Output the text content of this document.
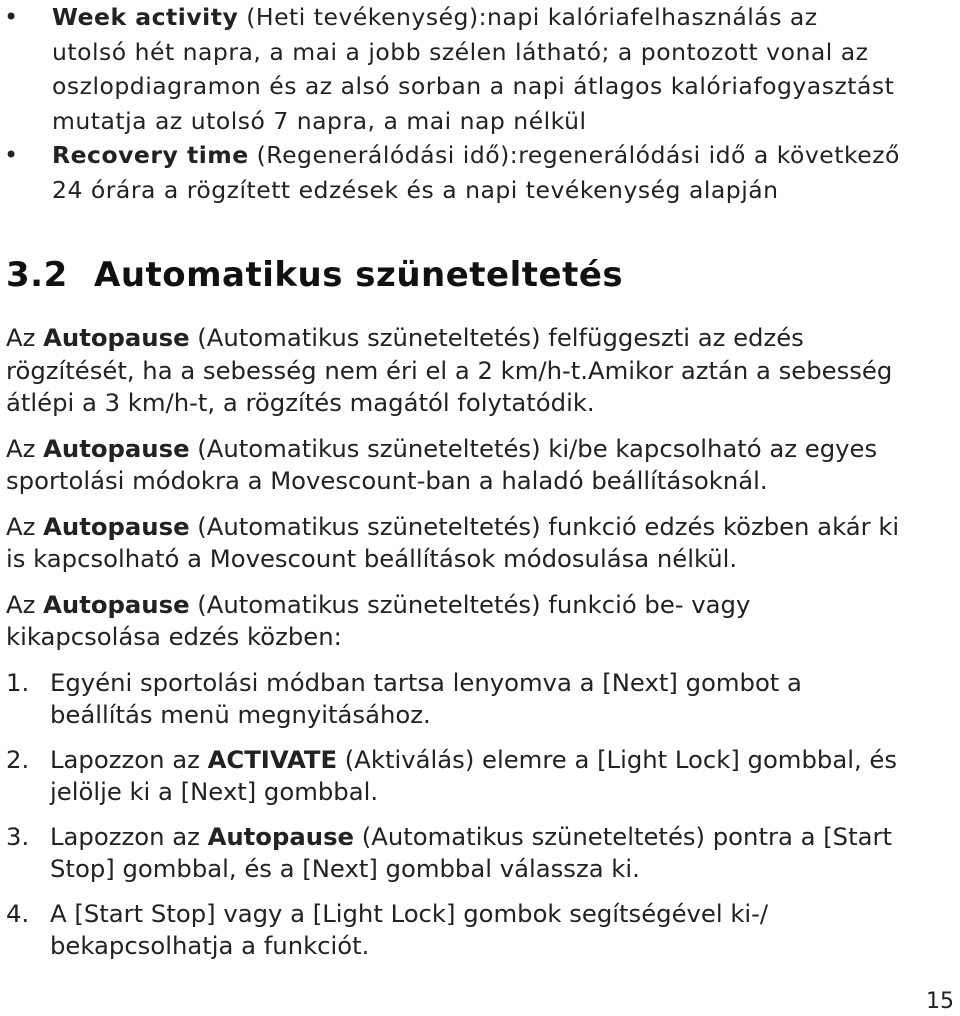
• Week activity (Heti tevékenység):napi kalóriafelhasználás az utolsó hét napra, a mai a jobb szélen látható; a pontozott vonal az oszlopdiagramon és az alsó sorban a napi átlagos kalóriafogyasztást mutatja az utolsó 7 napra, a mai nap nélkül
• Recovery time (Regenerálódási idő):regenerálódási idő a következő 24 órára a rögzített edzések és a napi tevékenység alapján
3.2 Automatikus szüneteltetés

Az Autopause (Automatikus szüneteltetés) felfüggeszti az edzés rögzítését, ha a sebesség nem éri el a 2 km/h-t.Amikor aztán a sebesség átlépi a 3 km/h-t, a rögzítés magától folytatódik.

Az Autopause (Automatikus szüneteltetés) ki/be kapcsolható az egyes sportolási módokra a Movescount-ban a haladó beállításoknál.

Az Autopause (Automatikus szüneteltetés) funkció edzés közben akár ki is kapcsolható a Movescount beállítások módosulása nélkül.

Az Autopause (Automatikus szüneteltetés) funkció be- vagy kikapcsolása edzés közben:

1. Egyéni sportolási módban tartsa lenyomva a [Next] gombot a beállítás menü megnyitásához.
2. Lapozzon az ACTIVATE (Aktiválás) elemre a [Light Lock] gombbal, és jelölje ki a [Next] gombbal.
3. Lapozzon az Autopause (Automatikus szüneteltetés) pontra a [Start Stop] gombbal, és a [Next] gombbal válassza ki.
4. A [Start Stop] vagy a [Light Lock] gombok segítségével ki-/ bekapcsolhatja a funkciót.
15
